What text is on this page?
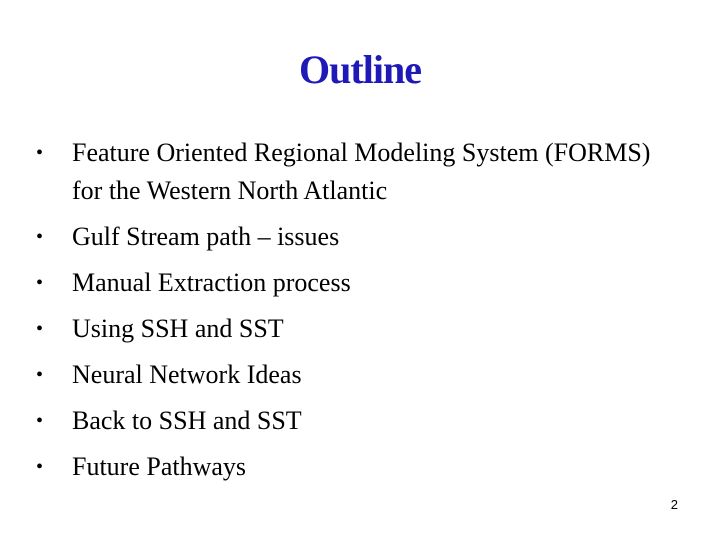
Outline
• Feature Oriented Regional Modeling System (FORMS) for the Western North Atlantic
• Gulf Stream path – issues
• Manual Extraction process
• Using SSH and SST
• Neural Network Ideas
• Back to SSH and SST
• Future Pathways
2
